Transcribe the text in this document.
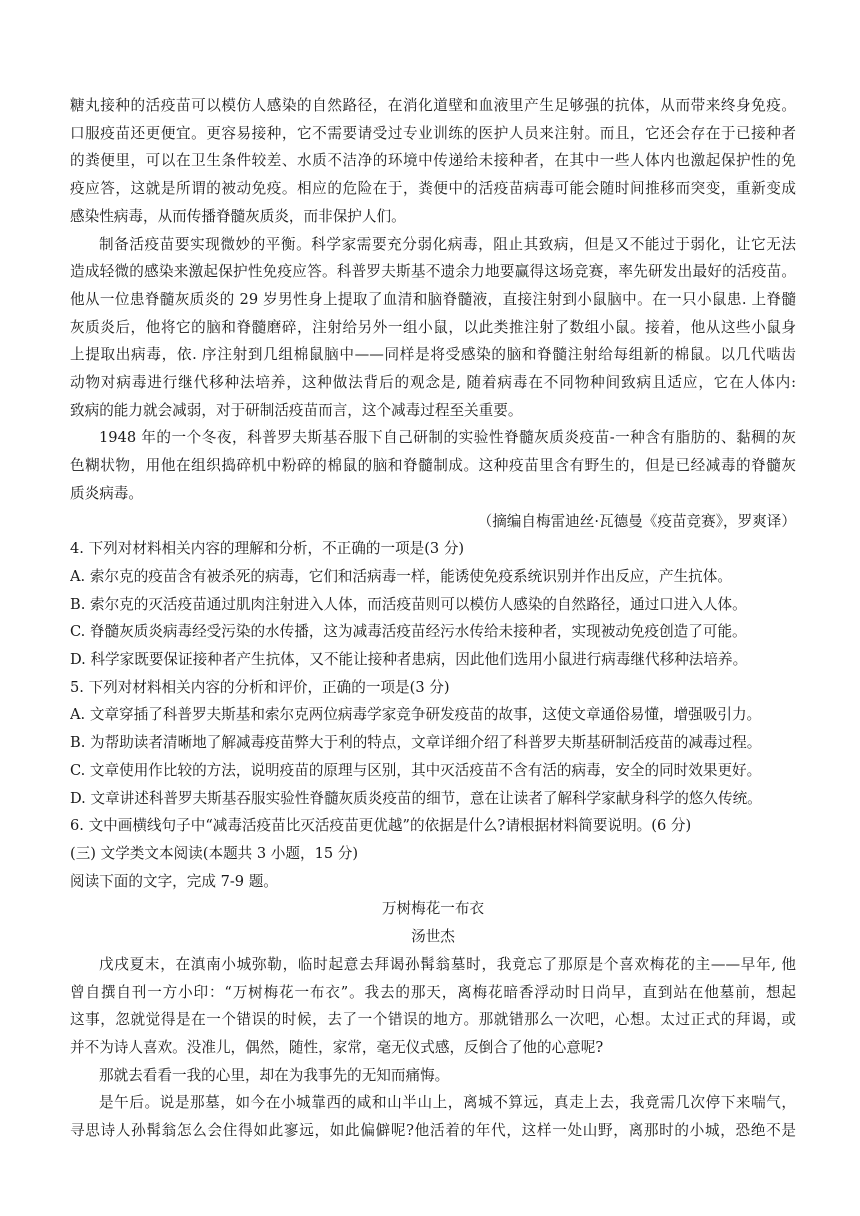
糖丸接种的活疫苗可以模仿人感染的自然路径，在消化道壁和血液里产生足够强的抗体，从而带来终身免疫。

口服疫苗还更便宜。更容易接种，它不需要请受过专业训练的医护人员来注射。而且，它还会存在于已接种者

的粪便里，可以在卫生条件较差、水质不洁净的环境中传递给未接种者，在其中一些人体内也激起保护性的免

疫应答，这就是所谓的被动免疫。相应的危险在于，粪便中的活疫苗病毒可能会随时间推移而突变，重新变成

感染性病毒，从而传播脊髓灰质炎，而非保护人们。

制备活疫苗要实现微妙的平衡。科学家需要充分弱化病毒，阻止其致病，但是又不能过于弱化，让它无法

造成轻微的感染来激起保护性免疫应答。科普罗夫斯基不遗余力地要赢得这场竞赛，率先研发出最好的活疫苗。

他从一位患脊髓灰质炎的 29 岁男性身上提取了血清和脑脊髓液，直接注射到小鼠脑中。在一只小鼠患. 上脊髓

灰质炎后，他将它的脑和脊髓磨碎，注射给另外一组小鼠，以此类推注射了数组小鼠。接着，他从这些小鼠身

上提取出病毒，依. 序注射到几组棉鼠脑中——同样是将受感染的脑和脊髓注射给每组新的棉鼠。以几代啮齿

动物对病毒进行继代移种法培养，这种做法背后的观念是, 随着病毒在不同物种间致病且适应，它在人体内:

致病的能力就会减弱，对于研制活疫苗而言，这个减毒过程至关重要。

1948 年的一个冬夜，科普罗夫斯基吞服下自己研制的实验性脊髓灰质炎疫苗-一种含有脂肪的、黏稠的灰

色糊状物，用他在组织捣碎机中粉碎的棉鼠的脑和脊髓制成。这种疫苗里含有野生的，但是已经减毒的脊髓灰

质炎病毒。

（摘编自梅雷迪丝·瓦德曼《疫苗竞赛》，罗爽译）

4. 下列对材料相关内容的理解和分析，不正确的一项是(3 分)

A. 索尔克的疫苗含有被杀死的病毒，它们和活病毒一样，能诱使免疫系统识别并作出反应，产生抗体。

B. 索尔克的灭活疫苗通过肌肉注射进入人体，而活疫苗则可以模仿人感染的自然路径，通过口进入人体。

C. 脊髓灰质炎病毒经受污染的水传播，这为减毒活疫苗经污水传给未接种者，实现被动免疫创造了可能。

D. 科学家既要保证接种者产生抗体，又不能让接种者患病，因此他们选用小鼠进行病毒继代移种法培养。

5. 下列对材料相关内容的分析和评价，正确的一项是(3 分)

A. 文章穿插了科普罗夫斯基和索尔克两位病毒学家竞争研发疫苗的故事，这使文章通俗易懂，增强吸引力。

B. 为帮助读者清晰地了解减毒疫苗弊大于利的特点，文章详细介绍了科普罗夫斯基研制活疫苗的减毒过程。

C. 文章使用作比较的方法，说明疫苗的原理与区别，其中灭活疫苗不含有活的病毒，安全的同时效果更好。

D. 文章讲述科普罗夫斯基吞服实验性脊髓灰质炎疫苗的细节，意在让读者了解科学家献身科学的悠久传统。

6. 文中画横线句子中“减毒活疫苗比灭活疫苗更优越”的依据是什么?请根据材料简要说明。(6 分)

(三) 文学类文本阅读(本题共 3 小题，15 分)

阅读下面的文字，完成 7-9 题。

万树梅花一布衣

汤世杰

戊戌夏末，在滇南小城弥勒，临时起意去拜谒孙髯翁墓时，我竟忘了那原是个喜欢梅花的主——早年, 他

曾自撰自刊一方小印：“万树梅花一布衣”。我去的那天，离梅花暗香浮动时日尚早，直到站在他墓前，想起

这事，忽就觉得是在一个错误的时候，去了一个错误的地方。那就错那么一次吧，心想。太过正式的拜谒，或

并不为诗人喜欢。没准儿，偶然，随性，家常，毫无仪式感，反倒合了他的心意呢?

那就去看看一我的心里，却在为我事先的无知而痛悔。

是午后。说是那墓，如今在小城靠西的咸和山半山上，离城不算远，真走上去，我竟需几次停下来喘气，

寻思诗人孙髯翁怎么会住得如此寥远，如此偏僻呢?他活着的年代，这样一处山野，离那时的小城，恐绝不是
